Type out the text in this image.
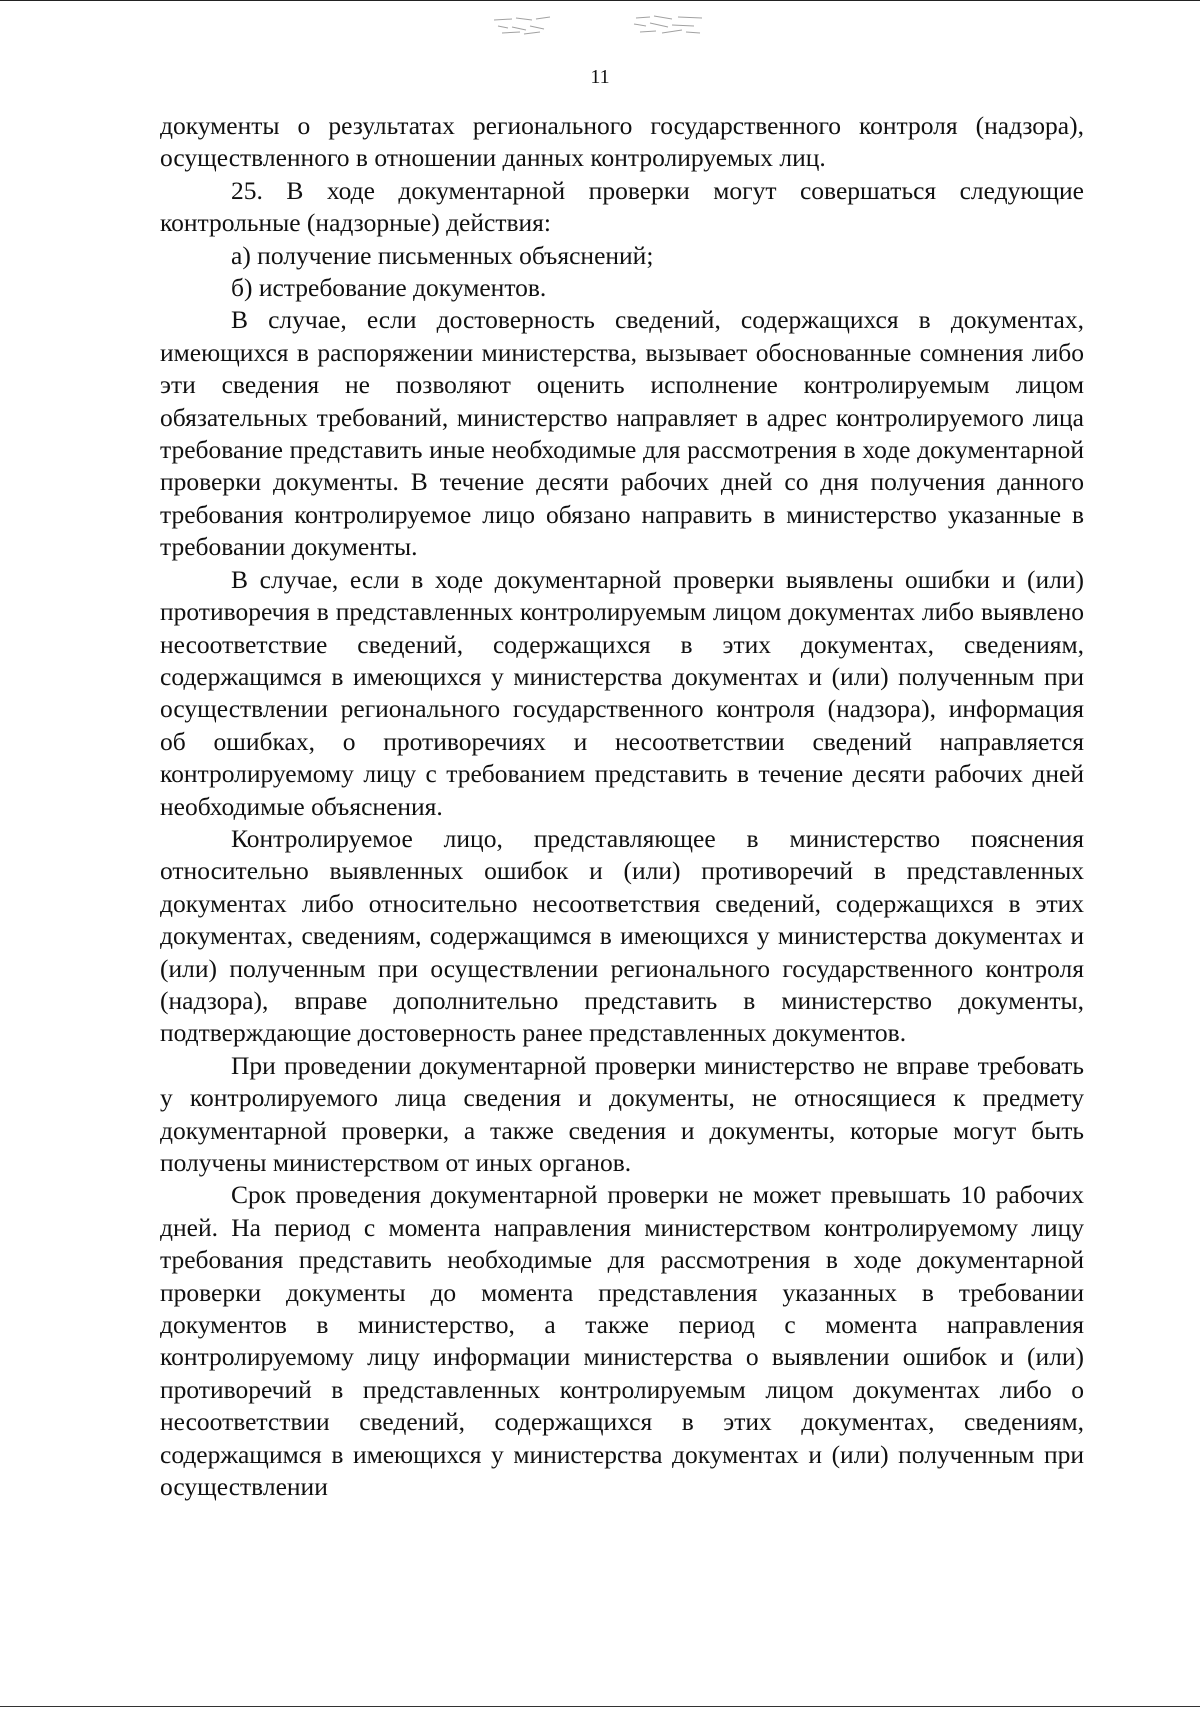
11

документы о результатах регионального государственного контроля (надзора), осуществленного в отношении данных контролируемых лиц.

25. В ходе документарной проверки могут совершаться следующие контрольные (надзорные) действия:

а) получение письменных объяснений;

б) истребование документов.

В случае, если достоверность сведений, содержащихся в документах, имеющихся в распоряжении министерства, вызывает обоснованные сомнения либо эти сведения не позволяют оценить исполнение контролируемым лицом обязательных требований, министерство направляет в адрес контролируемого лица требование представить иные необходимые для рассмотрения в ходе документарной проверки документы. В течение десяти рабочих дней со дня получения данного требования контролируемое лицо обязано направить в министерство указанные в требовании документы.

В случае, если в ходе документарной проверки выявлены ошибки и (или) противоречия в представленных контролируемым лицом документах либо выявлено несоответствие сведений, содержащихся в этих документах, сведениям, содержащимся в имеющихся у министерства документах и (или) полученным при осуществлении регионального государственного контроля (надзора), информация об ошибках, о противоречиях и несоответствии сведений направляется контролируемому лицу с требованием представить в течение десяти рабочих дней необходимые объяснения.

Контролируемое лицо, представляющее в министерство пояснения относительно выявленных ошибок и (или) противоречий в представленных документах либо относительно несоответствия сведений, содержащихся в этих документах, сведениям, содержащимся в имеющихся у министерства документах и (или) полученным при осуществлении регионального государственного контроля (надзора), вправе дополнительно представить в министерство документы, подтверждающие достоверность ранее представленных документов.

При проведении документарной проверки министерство не вправе требовать у контролируемого лица сведения и документы, не относящиеся к предмету документарной проверки, а также сведения и документы, которые могут быть получены министерством от иных органов.

Срок проведения документарной проверки не может превышать 10 рабочих дней. На период с момента направления министерством контролируемому лицу требования представить необходимые для рассмотрения в ходе документарной проверки документы до момента представления указанных в требовании документов в министерство, а также период с момента направления контролируемому лицу информации министерства о выявлении ошибок и (или) противоречий в представленных контролируемым лицом документах либо о несоответствии сведений, содержащихся в этих документах, сведениям, содержащимся в имеющихся у министерства документах и (или) полученным при осуществлении
